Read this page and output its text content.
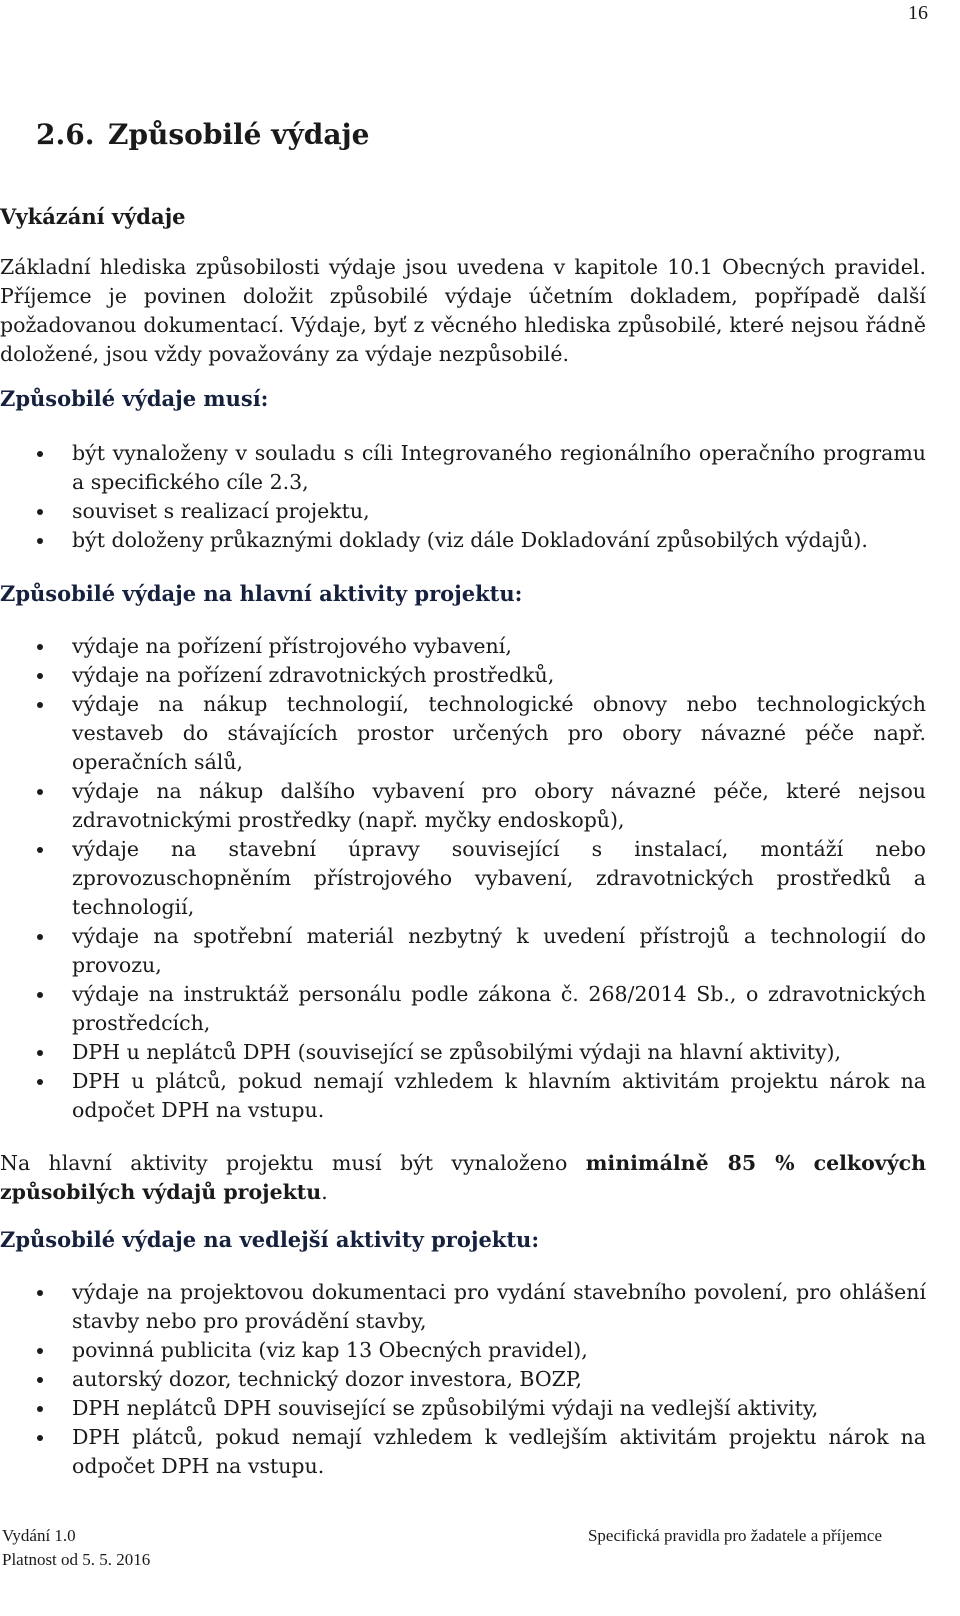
16
2.6. Způsobilé výdaje
Vykázání výdaje
Základní hlediska způsobilosti výdaje jsou uvedena v kapitole 10.1 Obecných pravidel. Příjemce je povinen doložit způsobilé výdaje účetním dokladem, popřípadě další požadovanou dokumentací. Výdaje, byť z věcného hlediska způsobilé, které nejsou řádně doložené, jsou vždy považovány za výdaje nezpůsobilé.
Způsobilé výdaje musí:
být vynaloženy v souladu s cíli Integrovaného regionálního operačního programu a specifického cíle 2.3,
souviset s realizací projektu,
být doloženy průkaznými doklady (viz dále Dokladování způsobilých výdajů).
Způsobilé výdaje na hlavní aktivity projektu:
výdaje na pořízení přístrojového vybavení,
výdaje na pořízení zdravotnických prostředků,
výdaje na nákup technologií, technologické obnovy nebo technologických vestaveb do stávajících prostor určených pro obory návazné péče např. operačních sálů,
výdaje na nákup dalšího vybavení pro obory návazné péče, které nejsou zdravotnickými prostředky (např. myčky endoskopů),
výdaje na stavební úpravy související s instalací, montáží nebo zprovozuschopněním přístrojového vybavení, zdravotnických prostředků a technologií,
výdaje na spotřební materiál nezbytný k uvedení přístrojů a technologií do provozu,
výdaje na instruktáž personálu podle zákona č. 268/2014 Sb., o zdravotnických prostředcích,
DPH u neplátců DPH (související se způsobilými výdaji na hlavní aktivity),
DPH u plátců, pokud nemají vzhledem k hlavním aktivitám projektu nárok na odpočet DPH na vstupu.
Na hlavní aktivity projektu musí být vynaloženo minimálně 85 % celkových způsobilých výdajů projektu.
Způsobilé výdaje na vedlejší aktivity projektu:
výdaje na projektovou dokumentaci pro vydání stavebního povolení, pro ohlášení stavby nebo pro provádění stavby,
povinná publicita (viz kap 13 Obecných pravidel),
autorský dozor, technický dozor investora, BOZP,
DPH neplátců DPH související se způsobilými výdaji na vedlejší aktivity,
DPH plátců, pokud nemají vzhledem k vedlejším aktivitám projektu nárok na odpočet DPH na vstupu.
Vydání 1.0
Platnost od 5. 5. 2016
Specifická pravidla pro žadatele a příjemce
